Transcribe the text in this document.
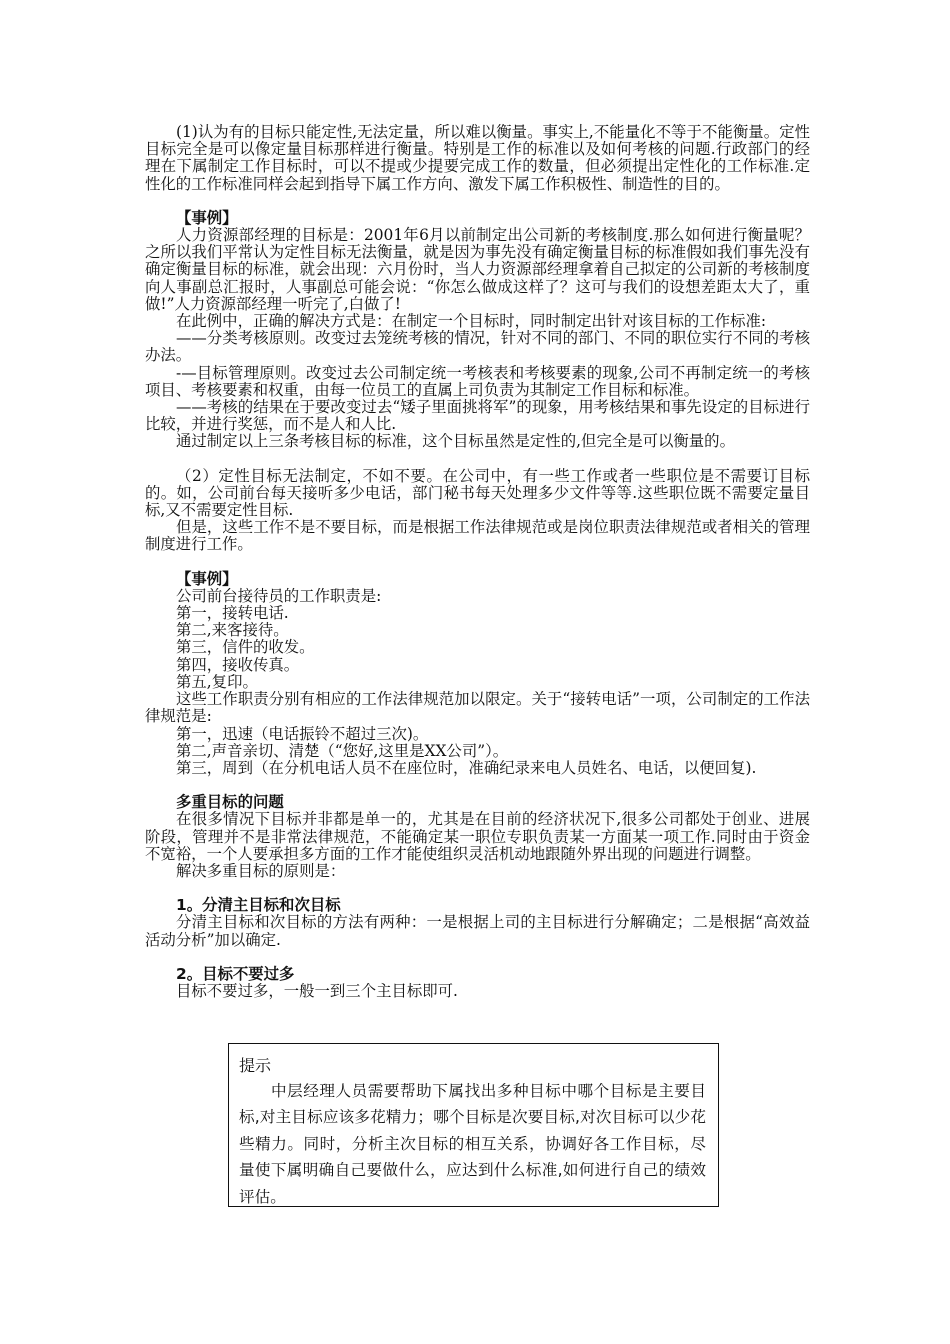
(1)认为有的目标只能定性,无法定量，所以难以衡量。事实上,不能量化不等于不能衡量。定性目标完全是可以像定量目标那样进行衡量。特别是工作的标准以及如何考核的问题.行政部门的经理在下属制定工作目标时，可以不提或少提要完成工作的数量，但必须提出定性化的工作标准.定性化的工作标准同样会起到指导下属工作方向、激发下属工作积极性、制造性的目的。

【事例】

人力资源部经理的目标是：2001年6月以前制定出公司新的考核制度.那么如何进行衡量呢？之所以我们平常认为定性目标无法衡量，就是因为事先没有确定衡量目标的标准假如我们事先没有确定衡量目标的标准，就会出现：六月份时，当人力资源部经理拿着自己拟定的公司新的考核制度向人事副总汇报时，人事副总可能会说：“你怎么做成这样了？这可与我们的设想差距太大了，重做!”人力资源部经理一听完了,白做了!

在此例中，正确的解决方式是：在制定一个目标时，同时制定出针对该目标的工作标准:

——分类考核原则。改变过去笼统考核的情况，针对不同的部门、不同的职位实行不同的考核办法。

-—目标管理原则。改变过去公司制定统一考核表和考核要素的现象,公司不再制定统一的考核项目、考核要素和权重，由每一位员工的直属上司负责为其制定工作目标和标准。

——考核的结果在于要改变过去“矮子里面挑将军”的现象，用考核结果和事先设定的目标进行比较，并进行奖惩，而不是人和人比.

通过制定以上三条考核目标的标准，这个目标虽然是定性的,但完全是可以衡量的。

（2）定性目标无法制定，不如不要。在公司中，有一些工作或者一些职位是不需要订目标的。如，公司前台每天接听多少电话，部门秘书每天处理多少文件等等.这些职位既不需要定量目标,又不需要定性目标.

但是，这些工作不是不要目标，而是根据工作法律规范或是岗位职责法律规范或者相关的管理制度进行工作。

【事例】

公司前台接待员的工作职责是:

第一，接转电话.

第二,来客接待。

第三，信件的收发。

第四，接收传真。

第五,复印。

这些工作职责分别有相应的工作法律规范加以限定。关于“接转电话”一项，公司制定的工作法律规范是:

第一，迅速（电话振铃不超过三次)。

第二,声音亲切、清楚（“您好,这里是XX公司”）。

第三，周到（在分机电话人员不在座位时，准确纪录来电人员姓名、电话，以便回复).

多重目标的问题

在很多情况下目标并非都是单一的，尤其是在目前的经济状况下,很多公司都处于创业、进展阶段，管理并不是非常法律规范，不能确定某一职位专职负责某一方面某一项工作.同时由于资金不宽裕，一个人要承担多方面的工作才能使组织灵活机动地跟随外界出现的问题进行调整。

解决多重目标的原则是：

1。分清主目标和次目标

分清主目标和次目标的方法有两种：一是根据上司的主目标进行分解确定；二是根据“高效益活动分析”加以确定.

2。目标不要过多

目标不要过多，一般一到三个主目标即可.

提示

中层经理人员需要帮助下属找出多种目标中哪个目标是主要目标,对主目标应该多花精力；哪个目标是次要目标,对次目标可以少花些精力。同时，分析主次目标的相互关系，协调好各工作目标，尽量使下属明确自己要做什么，应达到什么标准,如何进行自己的绩效评估。
